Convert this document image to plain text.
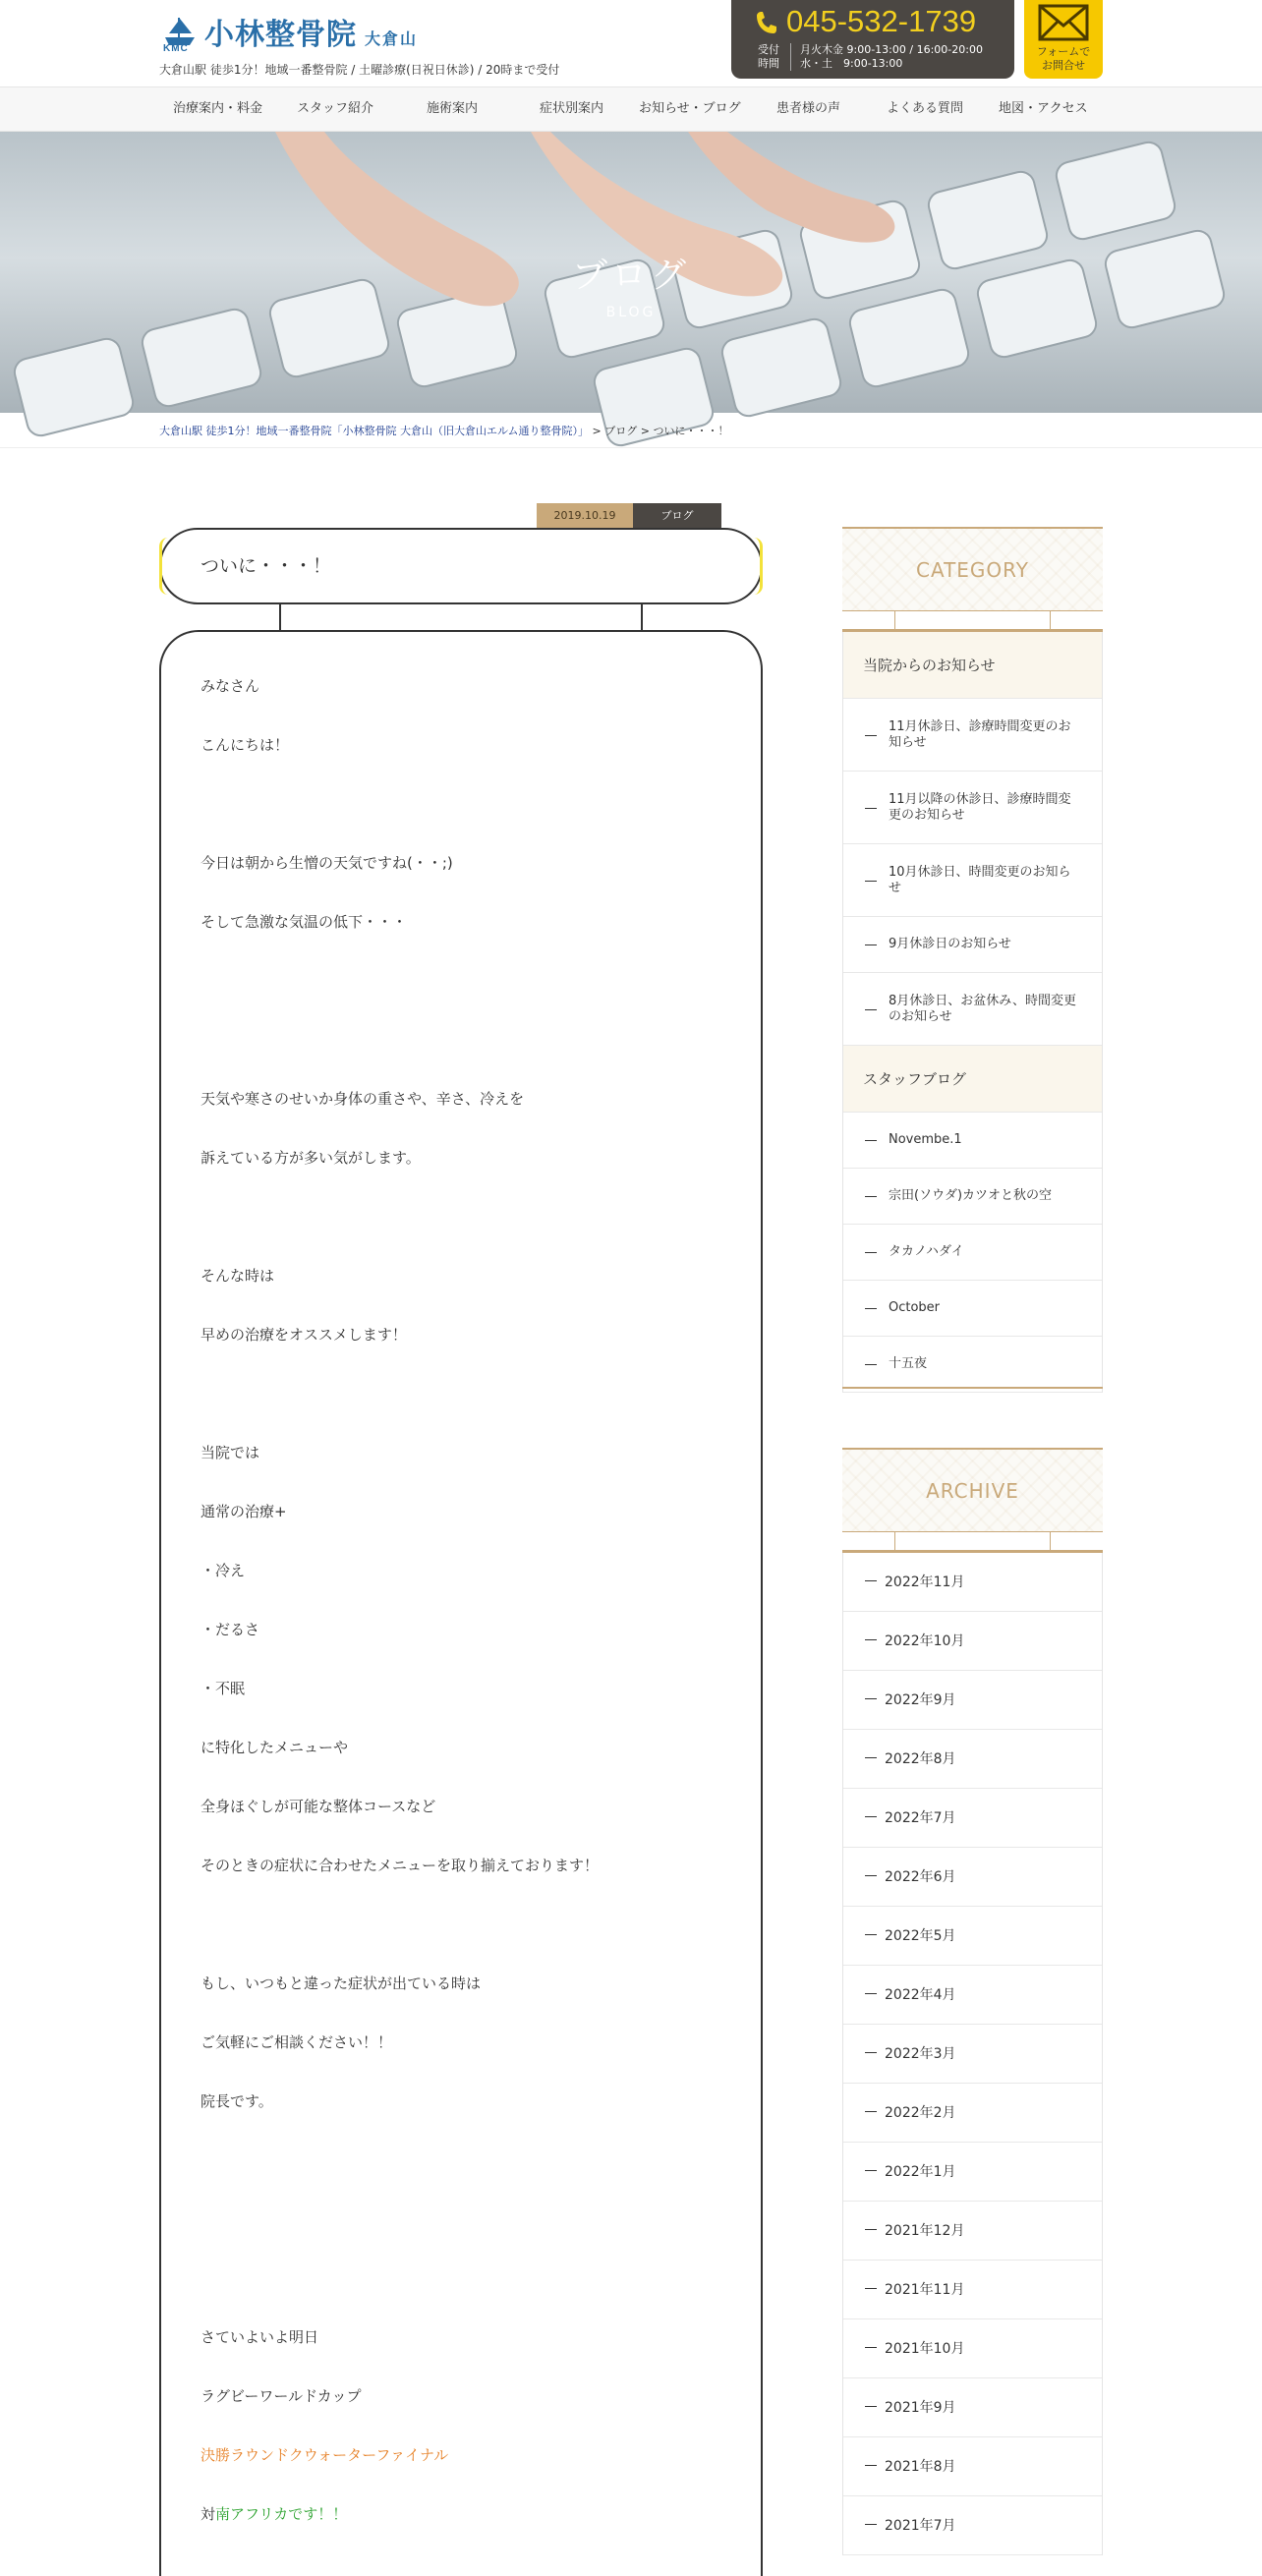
KMC 小林整骨院 大倉山
大倉山駅 徒歩1分！地域一番整骨院 / 土曜診療(日祝日休診) / 20時まで受付
045-532-1739
受付
時間
月火木金 9:00-13:00 / 16:00-20:00
水・土　9:00-13:00
フォームで
お問合せ
治療案内・料金	スタッフ紹介	施術案内	症状別案内	お知らせ・ブログ	患者様の声	よくある質問	地図・アクセス
ブログ
BLOG
大倉山駅 徒歩1分！地域一番整骨院「小林整骨院 大倉山（旧大倉山エルム通り整骨院）」 > ブログ > ついに・・・！
2019.10.19	ブログ
ついに・・・！
みなさん
こんにちは！
今日は朝から生憎の天気ですね(・・;)
そして急激な気温の低下・・・
天気や寒さのせいか身体の重さや、辛さ、冷えを
訴えている方が多い気がします。
そんな時は
早めの治療をオススメします！
当院では
通常の治療+
・冷え
・だるさ
・不眠
に特化したメニューや
全身ほぐしが可能な整体コースなど
そのときの症状に合わせたメニューを取り揃えております！
もし、いつもと違った症状が出ている時は
ご気軽にご相談ください！！
院長です。
さていよいよ明日
ラグビーワールドカップ
決勝ラウンドクウォーターファイナル
対南アフリカです！！
CATEGORY
当院からのお知らせ
11月休診日、診療時間変更のお知らせ
11月以降の休診日、診療時間変更のお知らせ
10月休診日、時間変更のお知らせ
9月休診日のお知らせ
8月休診日、お盆休み、時間変更のお知らせ
スタッフブログ
Novembe.1
宗田(ソウダ)カツオと秋の空
タカノハダイ
October
十五夜
ARCHIVE
2022年11月
2022年10月
2022年9月
2022年8月
2022年7月
2022年6月
2022年5月
2022年4月
2022年3月
2022年2月
2022年1月
2021年12月
2021年11月
2021年10月
2021年9月
2021年8月
2021年7月
